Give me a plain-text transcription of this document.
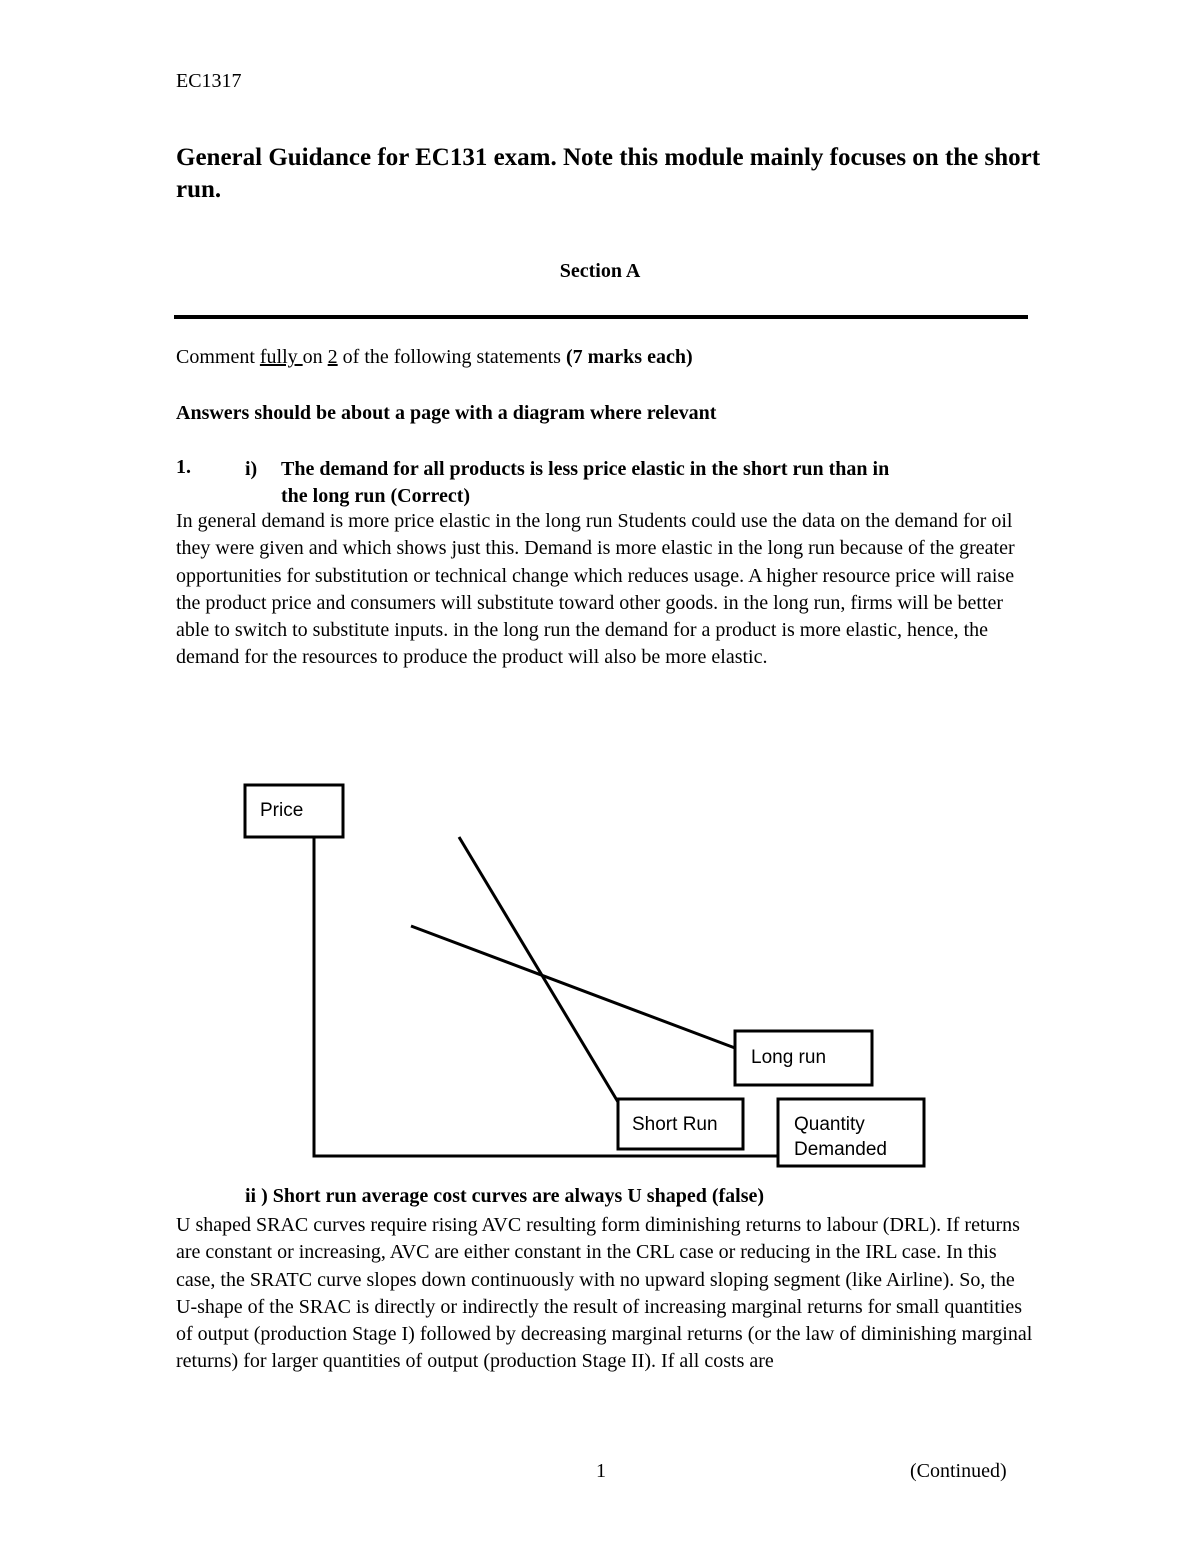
EC1317

General Guidance for EC131 exam. Note this module mainly focuses on the short run.
Section A

Comment fully on 2 of the following statements (7 marks each)

Answers should be about a page with a diagram where relevant

1.	i) The demand for all products is less price elastic in the short run than in
the long run (Correct)

In general demand is more price elastic in the long run Students could use the data on the demand for oil they were given and which shows just this. Demand is more elastic in the long run because of the greater opportunities for substitution or technical change which reduces usage. A higher resource price will raise the product price and consumers will substitute toward other goods. in the long run, firms will be better able to switch to substitute inputs. in the long run the demand for a product is more elastic, hence, the demand for the resources to produce the product will also be more elastic.

Price
Long run
Short Run	Quantity
Demanded

ii ) Short run average cost curves are always U shaped (false)

U shaped SRAC curves require rising AVC resulting form diminishing returns to labour (DRL). If returns are constant or increasing, AVC are either constant in the CRL case or reducing in the IRL case. In this case, the SRATC curve slopes down continuously with no upward sloping segment (like Airline). So, the U-shape of the SRAC is directly or indirectly the result of increasing marginal returns for small quantities of output (production Stage I) followed by decreasing marginal returns (or the law of diminishing marginal returns) for larger quantities of output (production Stage II). If all costs are

1	(Continued)
